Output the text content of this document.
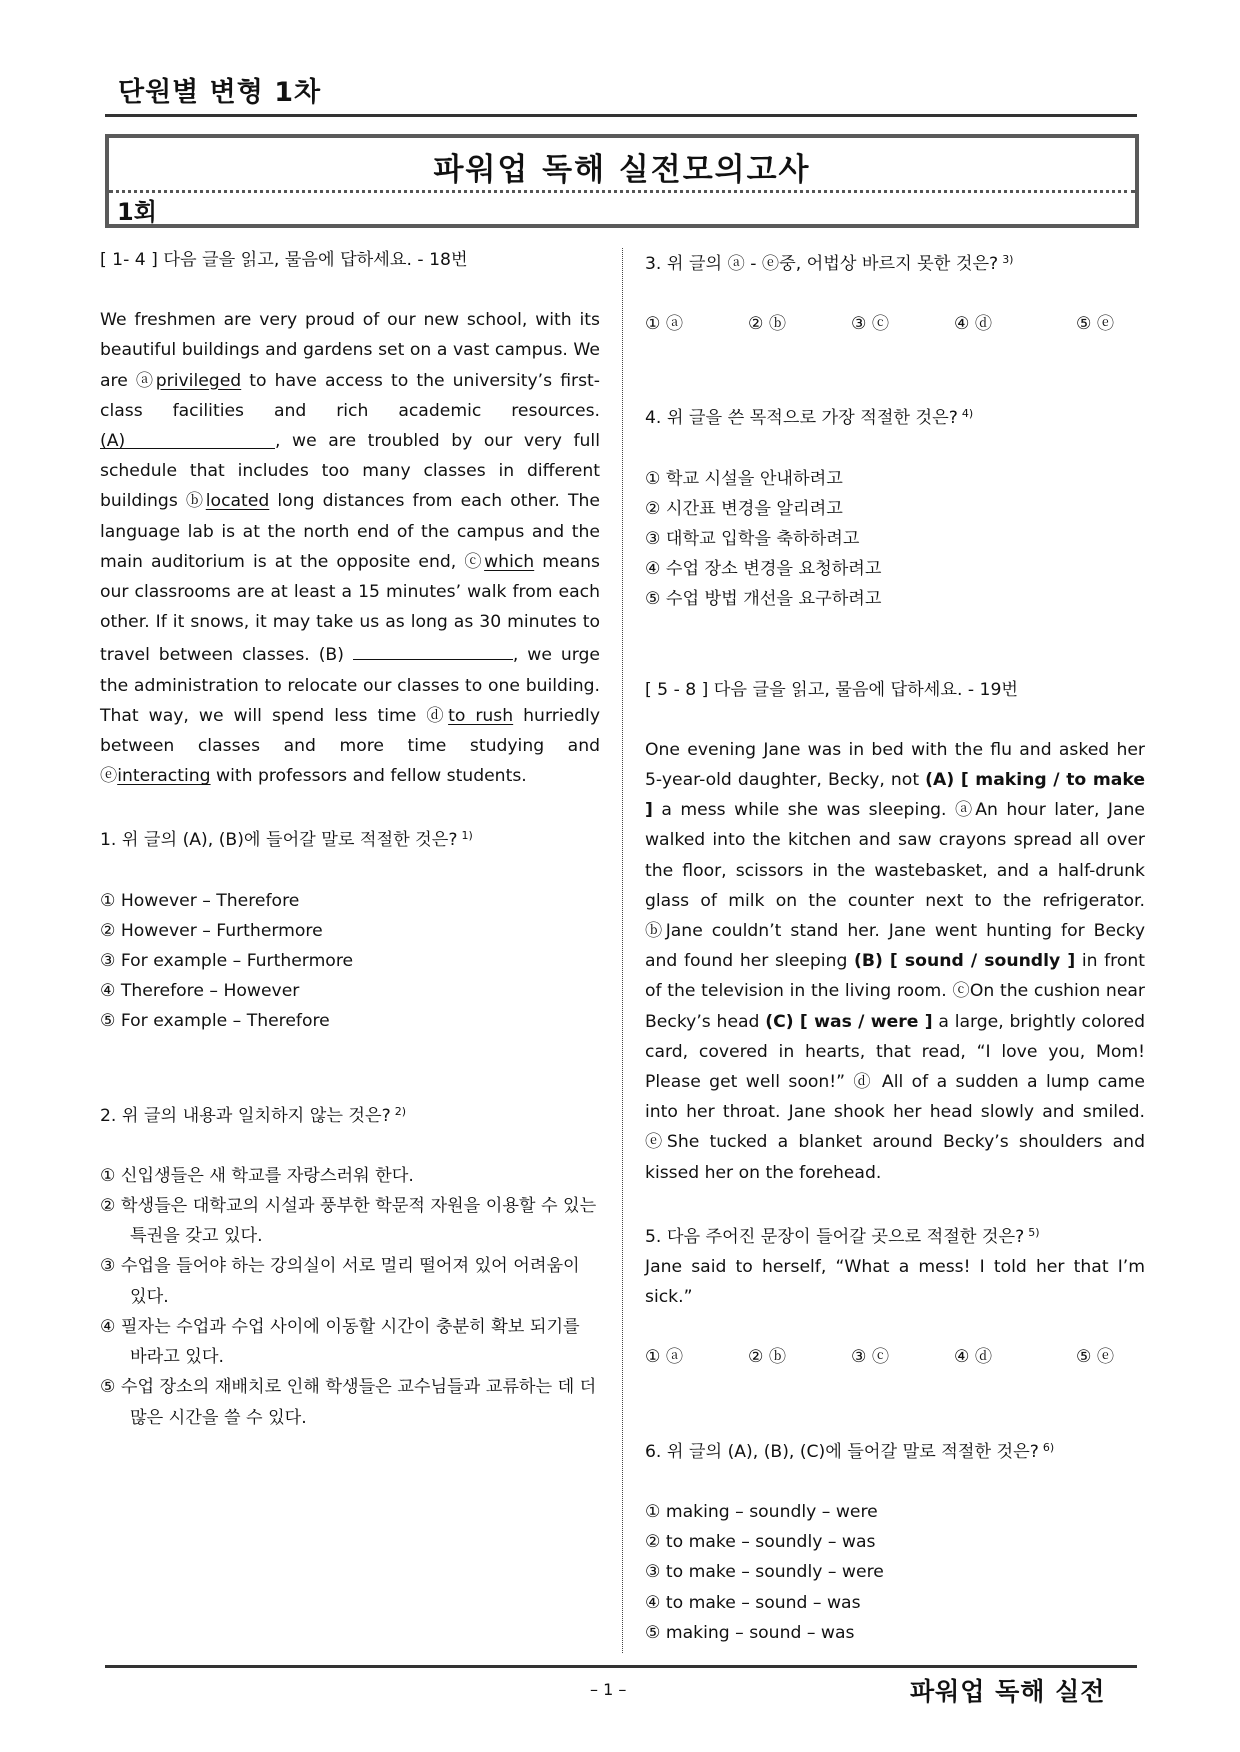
단원별 변형 1차
파워업 독해 실전모의고사
1회

[ 1- 4 ] 다음 글을 읽고, 물음에 답하세요. - 18번

We freshmen are very proud of our new school, with its beautiful buildings and gardens set on a vast campus. We are ⓐprivileged to have access to the university’s first-class facilities and rich academic resources. (A)	, we are troubled by our very full schedule that includes too many classes in different buildings ⓑlocated long distances from each other. The language lab is at the north end of the campus and the main auditorium is at the opposite end, ⓒwhich means our classrooms are at least a 15 minutes’ walk from each other. If it snows, it may take us as long as 30 minutes to travel between classes. (B)	, we urge the administration to relocate our classes to one building. That way, we will spend less time ⓓto rush hurriedly between classes and more time studying and ⓔinteracting with professors and fellow students.

1. 위 글의 (A), (B)에 들어갈 말로 적절한 것은? $^{1)}$

① However – Therefore
② However – Furthermore
③ For example – Furthermore
④ Therefore – However
⑤ For example – Therefore

2. 위 글의 내용과 일치하지 않는 것은? $^{2)}$

① 신입생들은 새 학교를 자랑스러워 한다.
② 학생들은 대학교의 시설과 풍부한 학문적 자원을 이용할 수 있는 특권을 갖고 있다.
③ 수업을 들어야 하는 강의실이 서로 멀리 떨어져 있어 어려움이 있다.
④ 필자는 수업과 수업 사이에 이동할 시간이 충분히 확보 되기를 바라고 있다.
⑤ 수업 장소의 재배치로 인해 학생들은 교수님들과 교류하는 데 더 많은 시간을 쓸 수 있다.

3. 위 글의 ⓐ - ⓔ중, 어법상 바르지 못한 것은? $^{3)}$

① ⓐ	② ⓑ	③ ⓒ	④ ⓓ	⑤ ⓔ

4. 위 글을 쓴 목적으로 가장 적절한 것은? $^{4)}$

① 학교 시설을 안내하려고
② 시간표 변경을 알리려고
③ 대학교 입학을 축하하려고
④ 수업 장소 변경을 요청하려고
⑤ 수업 방법 개선을 요구하려고

[ 5 - 8 ] 다음 글을 읽고, 물음에 답하세요. - 19번

One evening Jane was in bed with the flu and asked her 5-year-old daughter, Becky, not (A) [ making / to make ] a mess while she was sleeping. ⓐAn hour later, Jane walked into the kitchen and saw crayons spread all over the floor, scissors in the wastebasket, and a half-drunk glass of milk on the counter next to the refrigerator. ⓑJane couldn’t stand her. Jane went hunting for Becky and found her sleeping (B) [ sound / soundly ] in front of the television in the living room. ⓒOn the cushion near Becky’s head (C) [ was / were ] a large, brightly colored card, covered in hearts, that read, “I love you, Mom! Please get well soon!” ⓓ All of a sudden a lump came into her throat. Jane shook her head slowly and smiled. ⓔShe tucked a blanket around Becky’s shoulders and kissed her on the forehead.

5. 다음 주어진 문장이 들어갈 곳으로 적절한 것은? $^{5)}$

Jane said to herself, “What a mess! I told her that I’m sick.”

① ⓐ	② ⓑ	③ ⓒ	④ ⓓ	⑤ ⓔ

6. 위 글의 (A), (B), (C)에 들어갈 말로 적절한 것은? $^{6)}$

① making – soundly – were
② to make – soundly – was
③ to make – soundly – were
④ to make – sound – was
⑤ making – sound – was
– 1 –	파워업 독해 실전
